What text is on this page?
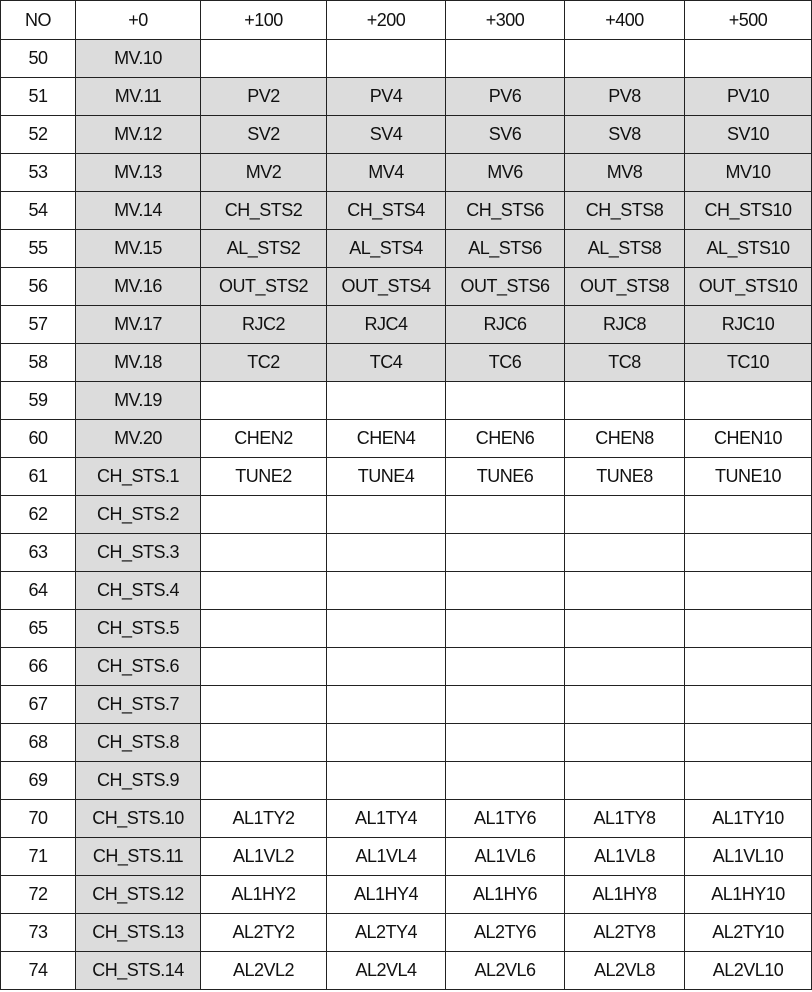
NO	+0	+100	+200	+300	+400	+500
50	MV.10					
51	MV.11	PV2	PV4	PV6	PV8	PV10
52	MV.12	SV2	SV4	SV6	SV8	SV10
53	MV.13	MV2	MV4	MV6	MV8	MV10
54	MV.14	CH_STS2	CH_STS4	CH_STS6	CH_STS8	CH_STS10
55	MV.15	AL_STS2	AL_STS4	AL_STS6	AL_STS8	AL_STS10
56	MV.16	OUT_STS2	OUT_STS4	OUT_STS6	OUT_STS8	OUT_STS10
57	MV.17	RJC2	RJC4	RJC6	RJC8	RJC10
58	MV.18	TC2	TC4	TC6	TC8	TC10
59	MV.19					
60	MV.20	CHEN2	CHEN4	CHEN6	CHEN8	CHEN10
61	CH_STS.1	TUNE2	TUNE4	TUNE6	TUNE8	TUNE10
62	CH_STS.2					
63	CH_STS.3					
64	CH_STS.4					
65	CH_STS.5					
66	CH_STS.6					
67	CH_STS.7					
68	CH_STS.8					
69	CH_STS.9					
70	CH_STS.10	AL1TY2	AL1TY4	AL1TY6	AL1TY8	AL1TY10
71	CH_STS.11	AL1VL2	AL1VL4	AL1VL6	AL1VL8	AL1VL10
72	CH_STS.12	AL1HY2	AL1HY4	AL1HY6	AL1HY8	AL1HY10
73	CH_STS.13	AL2TY2	AL2TY4	AL2TY6	AL2TY8	AL2TY10
74	CH_STS.14	AL2VL2	AL2VL4	AL2VL6	AL2VL8	AL2VL10
